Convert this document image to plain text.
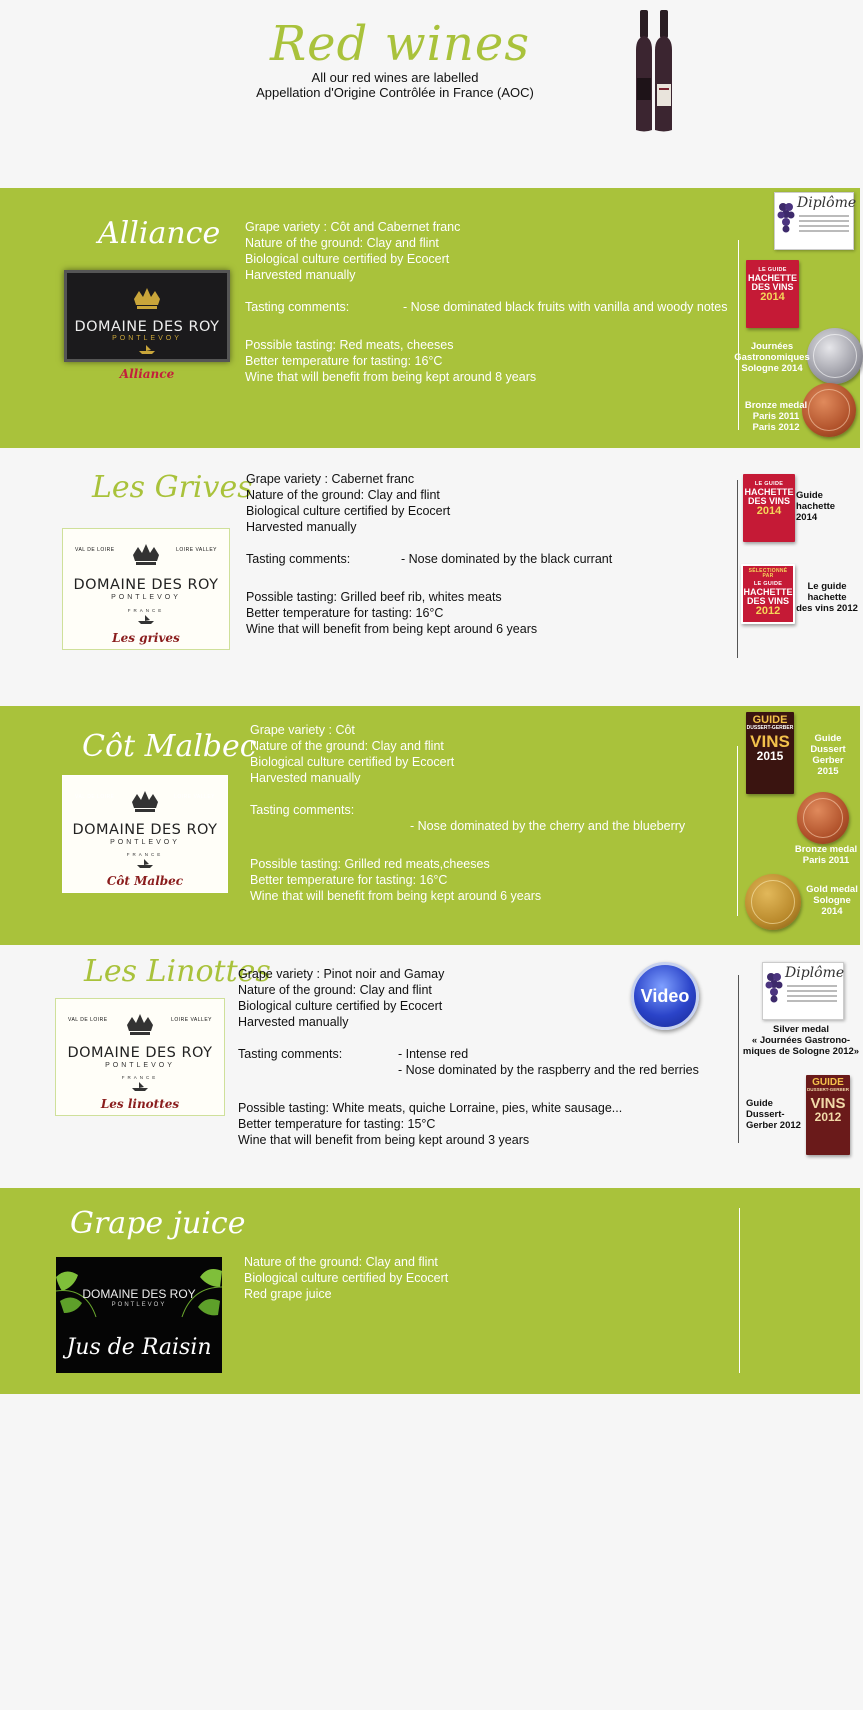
Red wines
All our red wines are labelled
Appellation d'Origine Contrôlée in France (AOC)
Alliance
DOMAINE DES ROY
PONTLEVOY
Alliance
Grape variety : Côt and Cabernet franc
Nature of the ground: Clay and flint
Biological culture certified by Ecocert
Harvested manually
Tasting comments:	- Nose dominated black fruits with vanilla and woody notes
Possible tasting: Red meats, cheeses
Better temperature for tasting: 16°C
Wine that will benefit from being kept around 8 years
Diplôme
LE GUIDE
HACHETTE
DES VINS
2014
Journées Gastronomiques Sologne 2014
Bronze medal
Paris 2011
Paris 2012
Les Grives
VAL DE LOIRE	LOIRE VALLEY
DOMAINE DES ROY
PONTLEVOY
FRANCE
Les grives
Grape variety : Cabernet franc
Nature of the ground: Clay and flint
Biological culture certified by Ecocert
Harvested manually
Tasting comments:	- Nose dominated by the black currant
Possible tasting: Grilled beef rib, whites meats
Better temperature for tasting: 16°C
Wine that will benefit from being kept around 6 years
LE GUIDE
HACHETTE
DES VINS
2014
Guide
hachette
2014
SÉLECTIONNÉ PAR
LE GUIDE
HACHETTE
DES VINS
2012
Le guide
hachette
des vins 2012
Côt Malbec
VAL DE LOIRE	LOIRE VALLEY
DOMAINE DES ROY
PONTLEVOY
FRANCE
Côt Malbec
Grape variety : Côt
Nature of the ground: Clay and flint
Biological culture certified by Ecocert
Harvested manually
Tasting comments:
- Nose dominated by the cherry and the blueberry
Possible tasting: Grilled red meats,cheeses
Better temperature for tasting: 16°C
Wine that will benefit from being kept around 6 years
GUIDE
DUSSERT-GERBER
VINS
2015
Guide
Dussert
Gerber
2015
Bronze medal
Paris 2011
Gold medal
Sologne
2014
Les Linottes
VAL DE LOIRE	LOIRE VALLEY
DOMAINE DES ROY
PONTLEVOY
FRANCE
Les linottes
Grape variety : Pinot noir and Gamay
Nature of the ground: Clay and flint
Biological culture certified by Ecocert
Harvested manually
Tasting comments:	- Intense red
- Nose dominated by the raspberry and the red berries
Possible tasting: White meats, quiche Lorraine, pies, white sausage...
Better temperature for tasting: 15°C
Wine that will benefit from being kept around 3 years
Video
Diplôme
Silver medal
« Journées Gastrono-
miques de Sologne 2012»
Guide
Dussert-
Gerber 2012
GUIDE
DUSSERT-GERBER
VINS
2012
Grape juice
DOMAINE DES ROY
PONTLEVOY
Jus de Raisin
Nature of the ground: Clay and flint
Biological culture certified by Ecocert
Red grape juice
